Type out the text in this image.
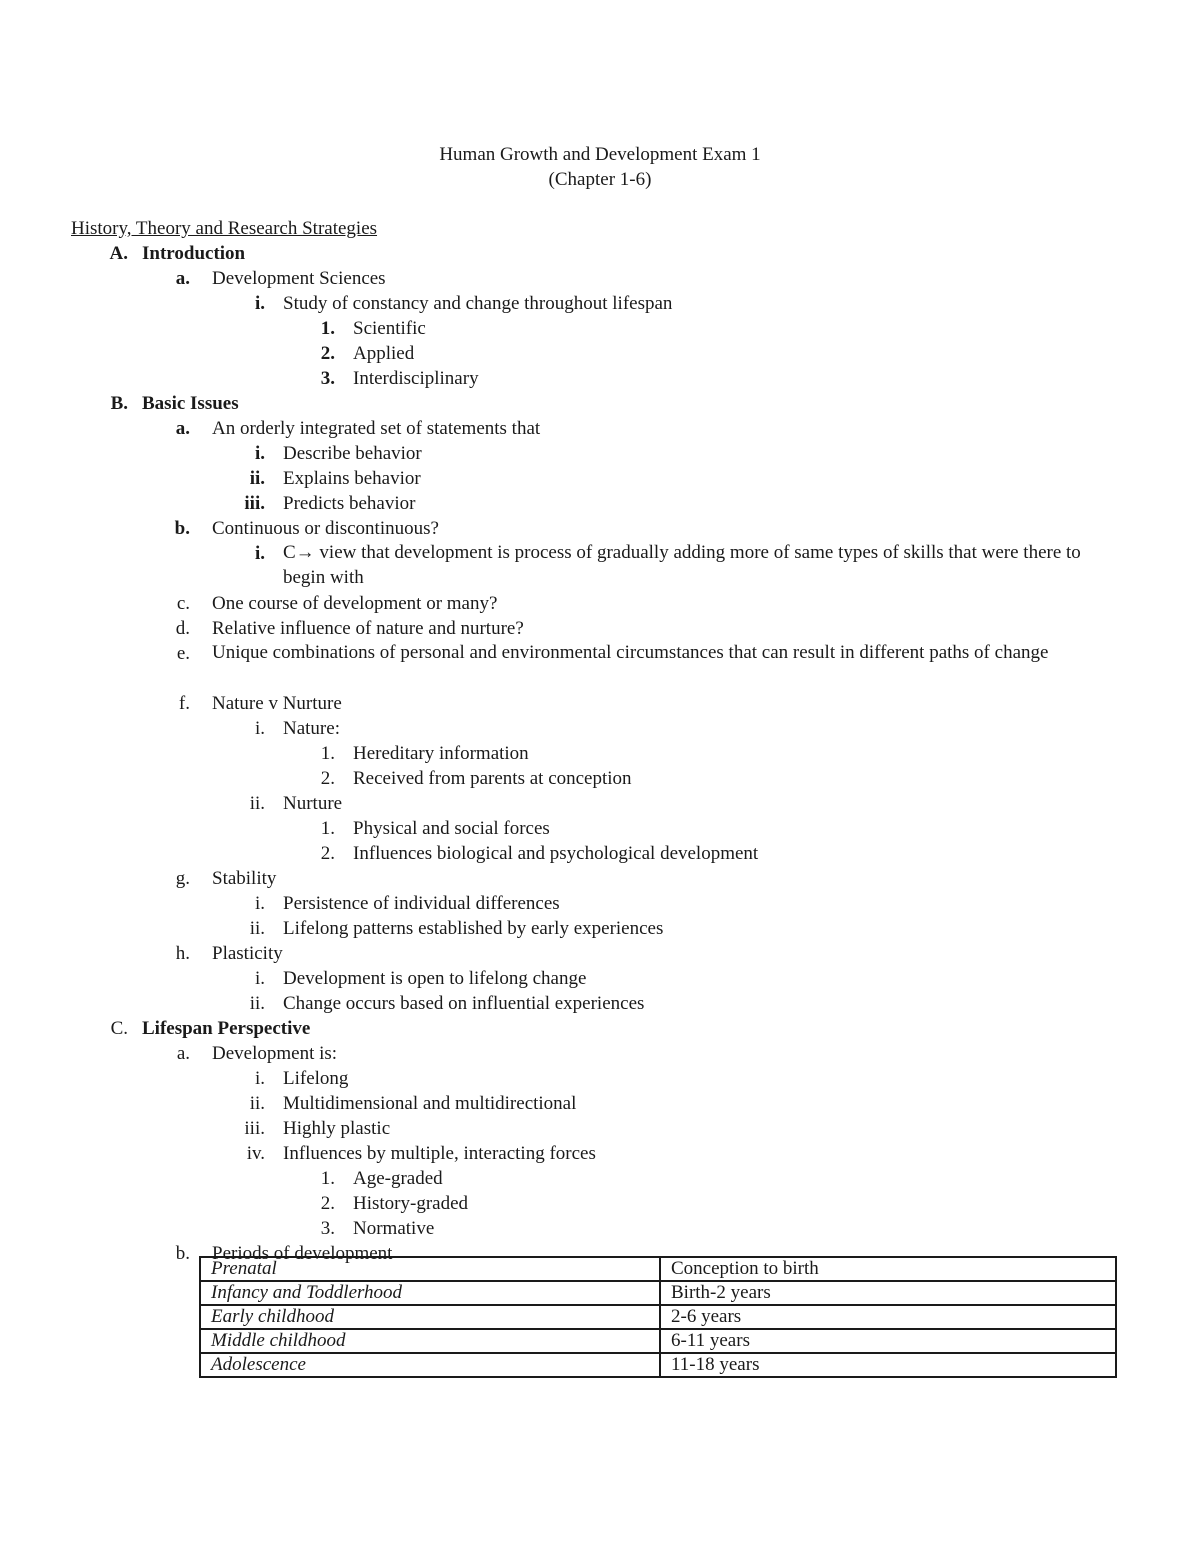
Human Growth and Development Exam 1
(Chapter 1-6)
History, Theory and Research Strategies
A. Introduction
a. Development Sciences
i. Study of constancy and change throughout lifespan
1. Scientific
2. Applied
3. Interdisciplinary
B. Basic Issues
a. An orderly integrated set of statements that
i. Describe behavior
ii. Explains behavior
iii. Predicts behavior
b. Continuous or discontinuous?
i. C→ view that development is process of gradually adding more of same types of skills that were there to begin with
c. One course of development or many?
d. Relative influence of nature and nurture?
e. Unique combinations of personal and environmental circumstances that can result in different paths of change
f. Nature v Nurture
i. Nature:
1. Hereditary information
2. Received from parents at conception
ii. Nurture
1. Physical and social forces
2. Influences biological and psychological development
g. Stability
i. Persistence of individual differences
ii. Lifelong patterns established by early experiences
h. Plasticity
i. Development is open to lifelong change
ii. Change occurs based on influential experiences
C. Lifespan Perspective
a. Development is:
i. Lifelong
ii. Multidimensional and multidirectional
iii. Highly plastic
iv. Influences by multiple, interacting forces
1. Age-graded
2. History-graded
3. Normative
b. Periods of development
Prenatal	Conception to birth
Infancy and Toddlerhood	Birth-2 years
Early childhood	2-6 years
Middle childhood	6-11 years
Adolescence	11-18 years
